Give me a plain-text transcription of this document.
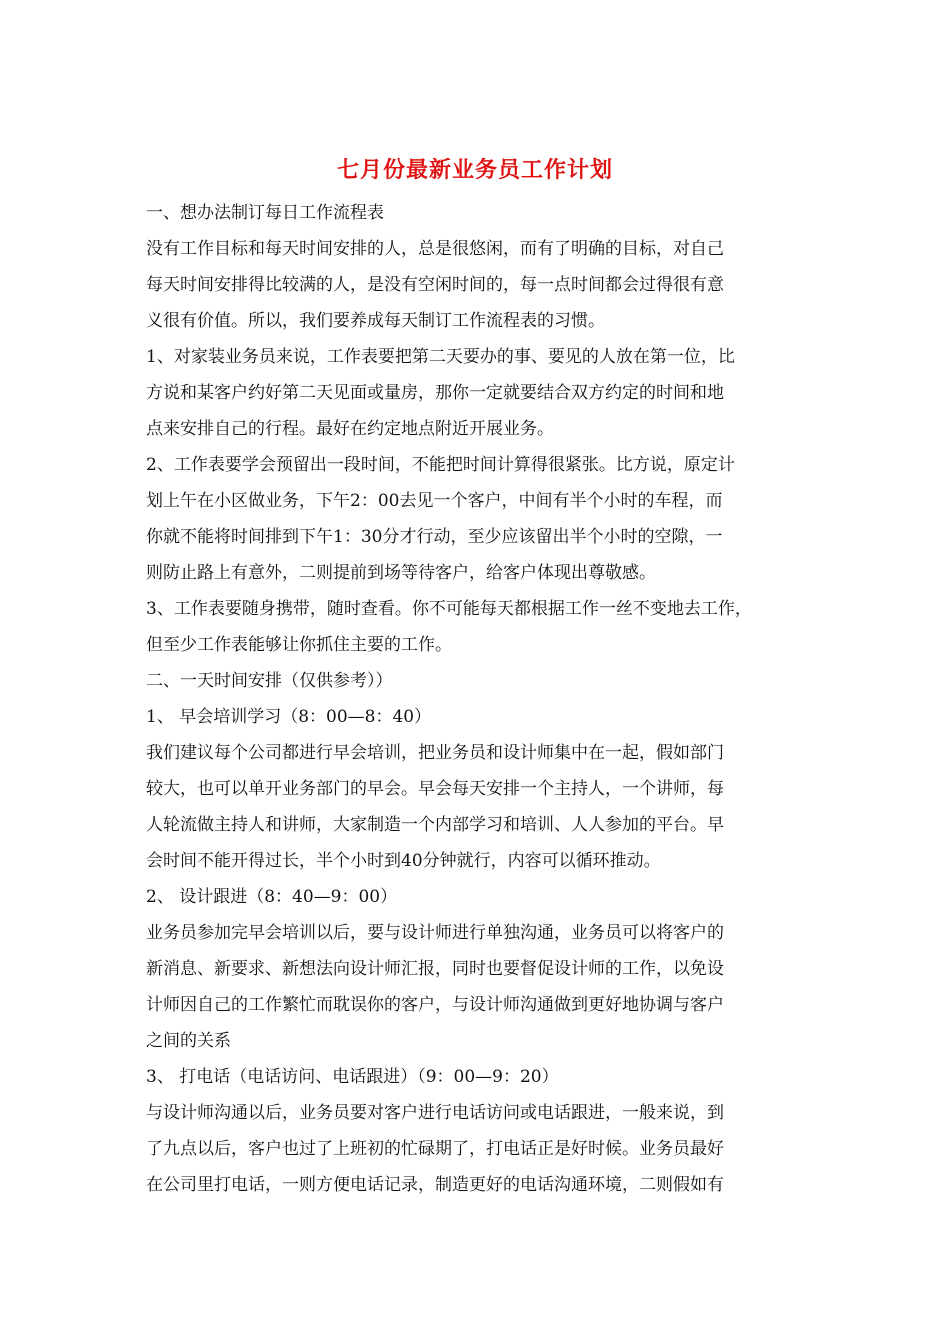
七月份最新业务员工作计划
一、想办法制订每日工作流程表
没有工作目标和每天时间安排的人，总是很悠闲，而有了明确的目标，对自己
每天时间安排得比较满的人，是没有空闲时间的，每一点时间都会过得很有意
义很有价值。所以，我们要养成每天制订工作流程表的习惯。
1、对家装业务员来说，工作表要把第二天要办的事、要见的人放在第一位，比
方说和某客户约好第二天见面或量房，那你一定就要结合双方约定的时间和地
点来安排自己的行程。最好在约定地点附近开展业务。
2、工作表要学会预留出一段时间，不能把时间计算得很紧张。比方说，原定计
划上午在小区做业务，下午2：00去见一个客户，中间有半个小时的车程，而
你就不能将时间排到下午1：30分才行动，至少应该留出半个小时的空隙，一
则防止路上有意外，二则提前到场等待客户，给客户体现出尊敬感。
3、工作表要随身携带，随时查看。你不可能每天都根据工作一丝不变地去工作，
但至少工作表能够让你抓住主要的工作。
二、一天时间安排（仅供参考））
1、 早会培训学习（8：00—8：40）
我们建议每个公司都进行早会培训，把业务员和设计师集中在一起，假如部门
较大，也可以单开业务部门的早会。早会每天安排一个主持人，一个讲师，每
人轮流做主持人和讲师，大家制造一个内部学习和培训、人人参加的平台。早
会时间不能开得过长，半个小时到40分钟就行，内容可以循环推动。
2、 设计跟进（8：40—9：00）
业务员参加完早会培训以后，要与设计师进行单独沟通，业务员可以将客户的
新消息、新要求、新想法向设计师汇报，同时也要督促设计师的工作，以免设
计师因自己的工作繁忙而耽误你的客户，与设计师沟通做到更好地协调与客户
之间的关系
3、 打电话（电话访问、电话跟进）（9：00—9：20）
与设计师沟通以后，业务员要对客户进行电话访问或电话跟进，一般来说，到
了九点以后，客户也过了上班初的忙碌期了，打电话正是好时候。业务员最好
在公司里打电话，一则方便电话记录，制造更好的电话沟通环境，二则假如有
